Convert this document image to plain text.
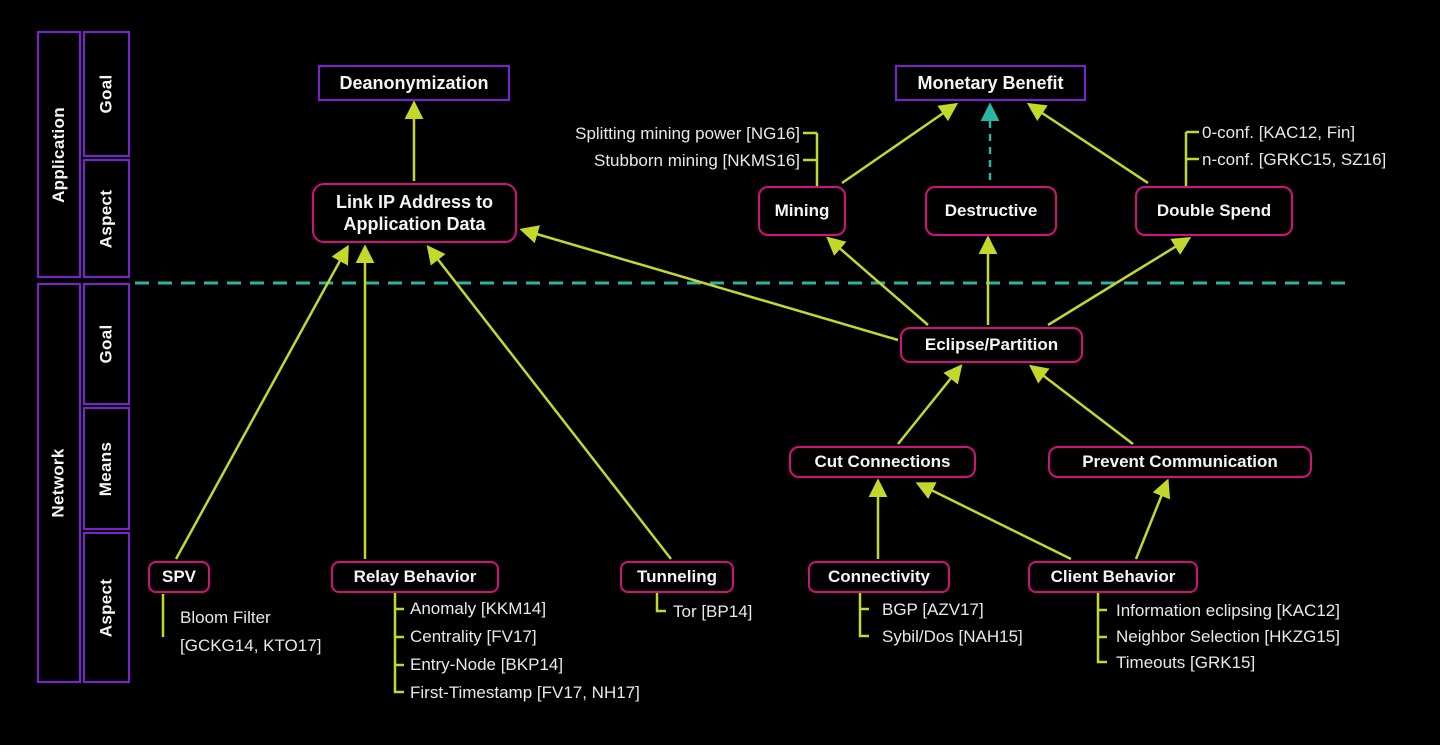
Application
Goal
Aspect
Network
Goal
Means
Aspect
Deanonymization	Monetary Benefit
Link IP Address to Application Data
Mining	Destructive	Double Spend
Eclipse/Partition
Cut Connections	Prevent Communication
SPV	Relay Behavior	Tunneling	Connectivity	Client Behavior
Splitting mining power [NG16]
Stubborn mining [NKMS16]
0-conf. [KAC12, Fin]
n-conf. [GRKC15, SZ16]
Bloom Filter
[GCKG14, KTO17]
Anomaly [KKM14]
Centrality [FV17]
Entry-Node [BKP14]
First-Timestamp [FV17, NH17]
Tor [BP14]	BGP [AZV17]
Sybil/Dos [NAH15]
Information eclipsing [KAC12]
Neighbor Selection [HKZG15]
Timeouts [GRK15]
